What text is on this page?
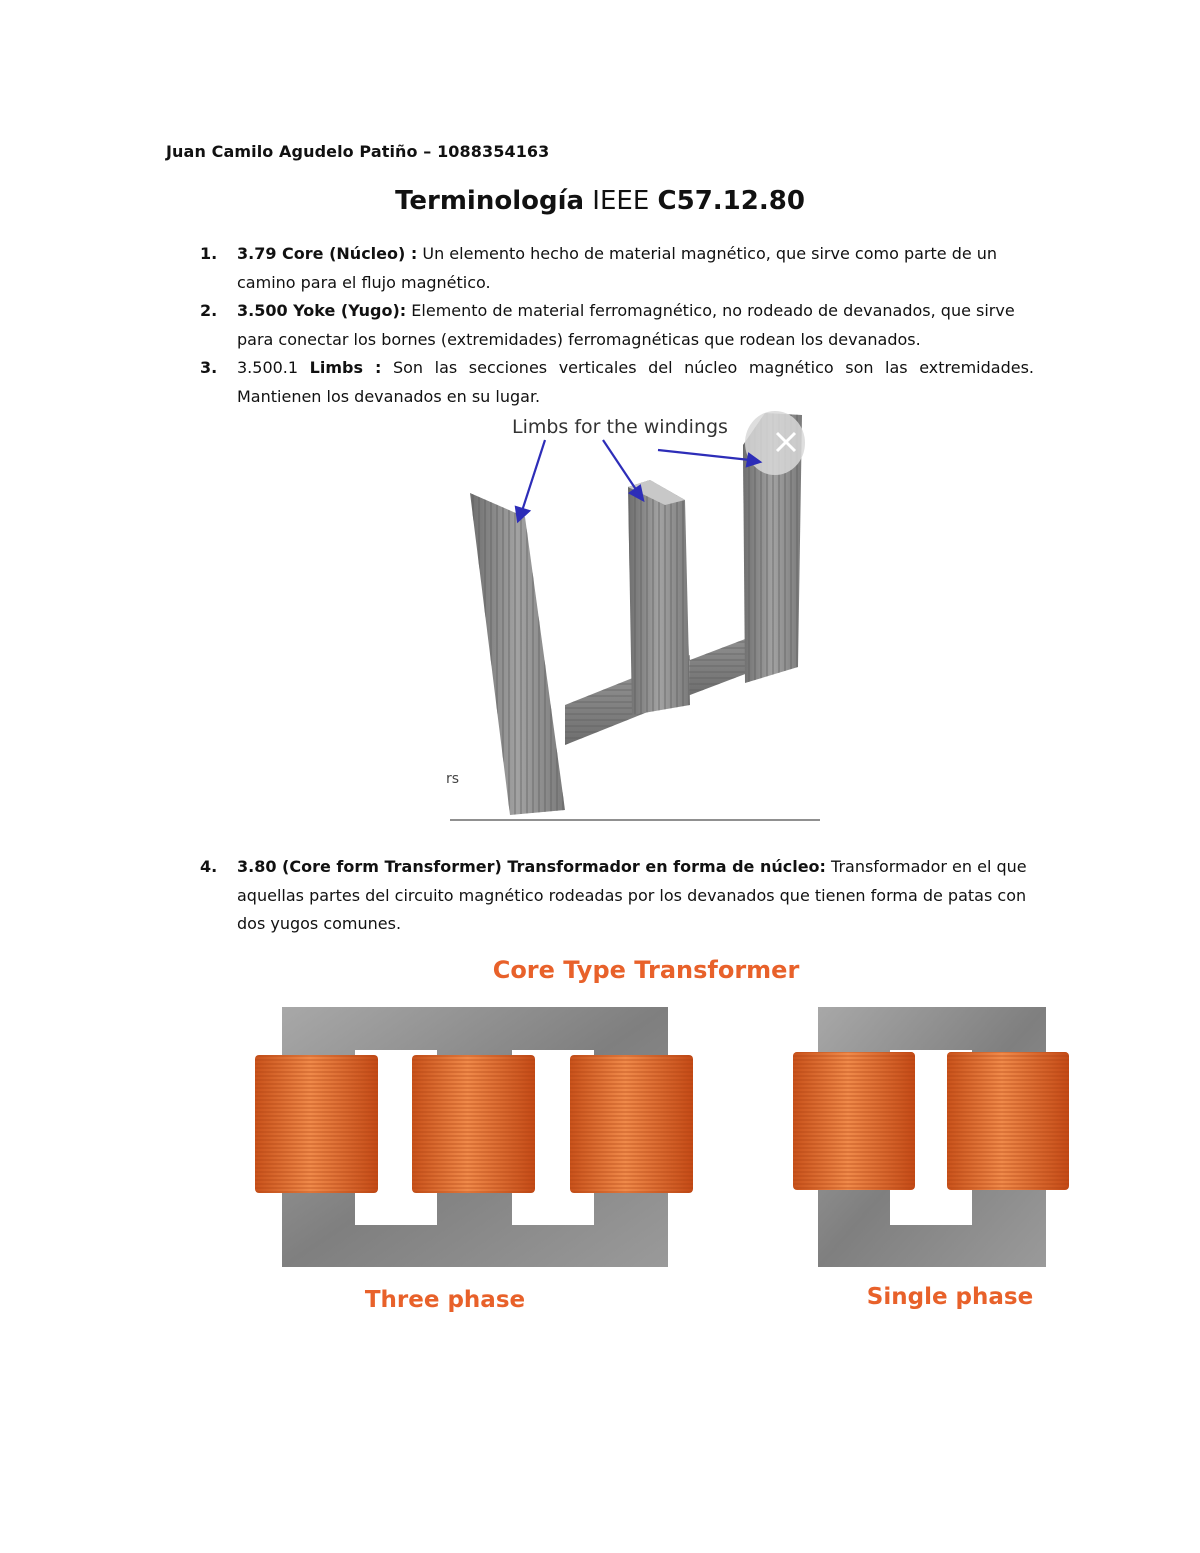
Juan Camilo Agudelo Patiño – 1088354163
Terminología IEEE C57.12.80
1. 3.79 Core (Núcleo) : Un elemento hecho de material magnético, que sirve como parte de un camino para el flujo magnético.
2. 3.500 Yoke (Yugo): Elemento de material ferromagnético, no rodeado de devanados, que sirve para conectar los bornes (extremidades) ferromagnéticas que rodean los devanados.
3. 3.500.1 Limbs : Son las secciones verticales del núcleo magnético son las extremidades. Mantienen los devanados en su lugar.
Limbs for the windings
rs
4. 3.80 (Core form Transformer) Transformador en forma de núcleo: Transformador en el que aquellas partes del circuito magnético rodeadas por los devanados que tienen forma de patas con dos yugos comunes.
Core Type Transformer
Three phase	Single phase
